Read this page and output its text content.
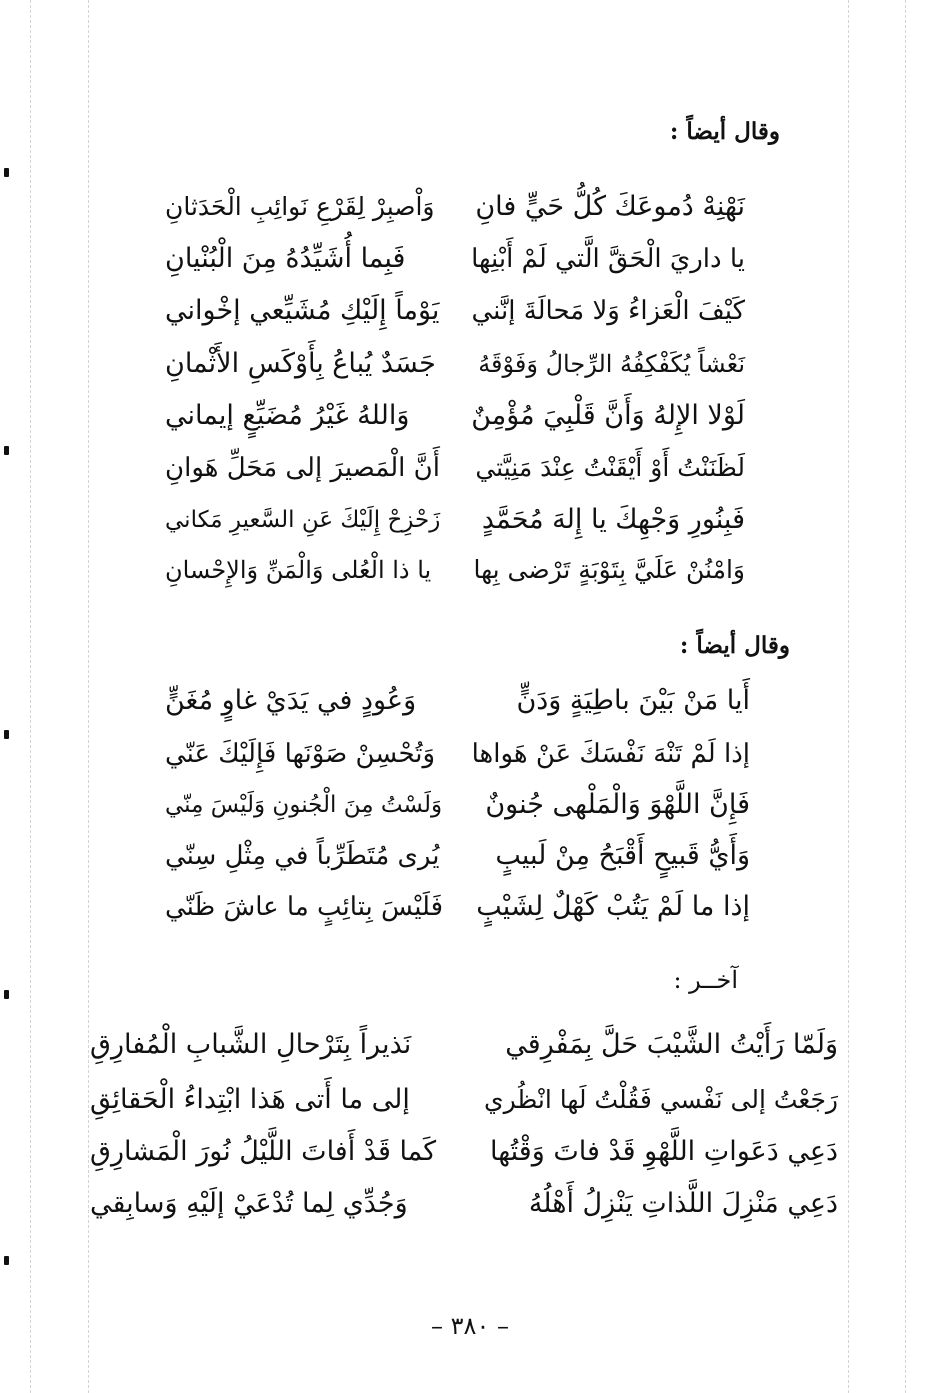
وقال أيضاً :
نَهْنِهْ دُموعَكَ كُلُّ حَيٍّ فانِ
وَاْصبِرْ لِقَرْعِ نَوائِبِ الْحَدَثانِ
يا داريَ الْحَقَّ الَّتي لَمْ أَبْنِها
فَبِما أُشَيِّدُهُ مِنَ الْبُنْيانِ
كَيْفَ الْعَزاءُ وَلا مَحالَةَ إنَّني
يَوْماً إِلَيْكِ مُشَيِّعي إخْواني
نَعْشاً يُكَفْكِفُهُ الرِّجالُ وَفَوْقَهُ
جَسَدٌ يُباعُ بِأَوْكَسِ الأَثْمانِ
لَوْلا الإِلهُ وَأَنَّ قَلْبِيَ مُؤْمِنٌ
وَاللهُ غَيْرُ مُضَيِّعٍ إيماني
لَظَنَنْتُ أَوْ أَيْقَنْتُ عِنْدَ مَنِيَّتي
أَنَّ الْمَصيرَ إلى مَحَلِّ هَوانِ
فَبِنُورِ وَجْهِكَ يا إِلهَ مُحَمَّدٍ
زَحْزِحْ إِلَيْكَ عَنِ السَّعيرِ مَكاني
وَامْنُنْ عَلَيَّ بِتَوْبَةٍ تَرْضى بِها
يا ذا الْعُلى وَالْمَنِّ وَالإِحْسانِ
وقال أيضاً :
أَيا مَنْ بَيْنَ باطِيَةٍ وَدَنٍّ
وَعُودٍ في يَدَيْ غاوٍ مُغَنٍّ
إذا لَمْ تَنْهَ نَفْسَكَ عَنْ هَواها
وَتُحْسِنْ صَوْنَها فَإِلَيْكَ عَنّي
فَإِنَّ اللَّهْوَ وَالْمَلْهى جُنونٌ
وَلَسْتُ مِنَ الْجُنونِ وَلَيْسَ مِنّي
وَأَيُّ قَبيحٍ أَقْبَحُ مِنْ لَبيبٍ
يُرى مُتَطَرِّباً في مِثْلِ سِنّي
إذا ما لَمْ يَتُبْ كَهْلٌ لِشَيْبٍ
فَلَيْسَ بِتائِبٍ ما عاشَ ظَنّي
آخــر :
وَلَمّا رَأَيْتُ الشَّيْبَ حَلَّ بِمَفْرِقي
نَذيراً بِتَرْحالِ الشَّبابِ الْمُفارِقِ
رَجَعْتُ إلى نَفْسي فَقُلْتُ لَها انْظُري
إلى ما أَتى هَذا ابْتِداءُ الْحَقائِقِ
دَعِي دَعَواتِ اللَّهْوِ قَدْ فاتَ وَقْتُها
كَما قَدْ أَفاتَ اللَّيْلُ نُورَ الْمَشارِقِ
دَعِي مَنْزِلَ اللَّذاتِ يَنْزِلُ أَهْلُهُ
وَجُدِّي لِما تُدْعَيْ إلَيْهِ وَسابِقي
– ٣٨٠ –
